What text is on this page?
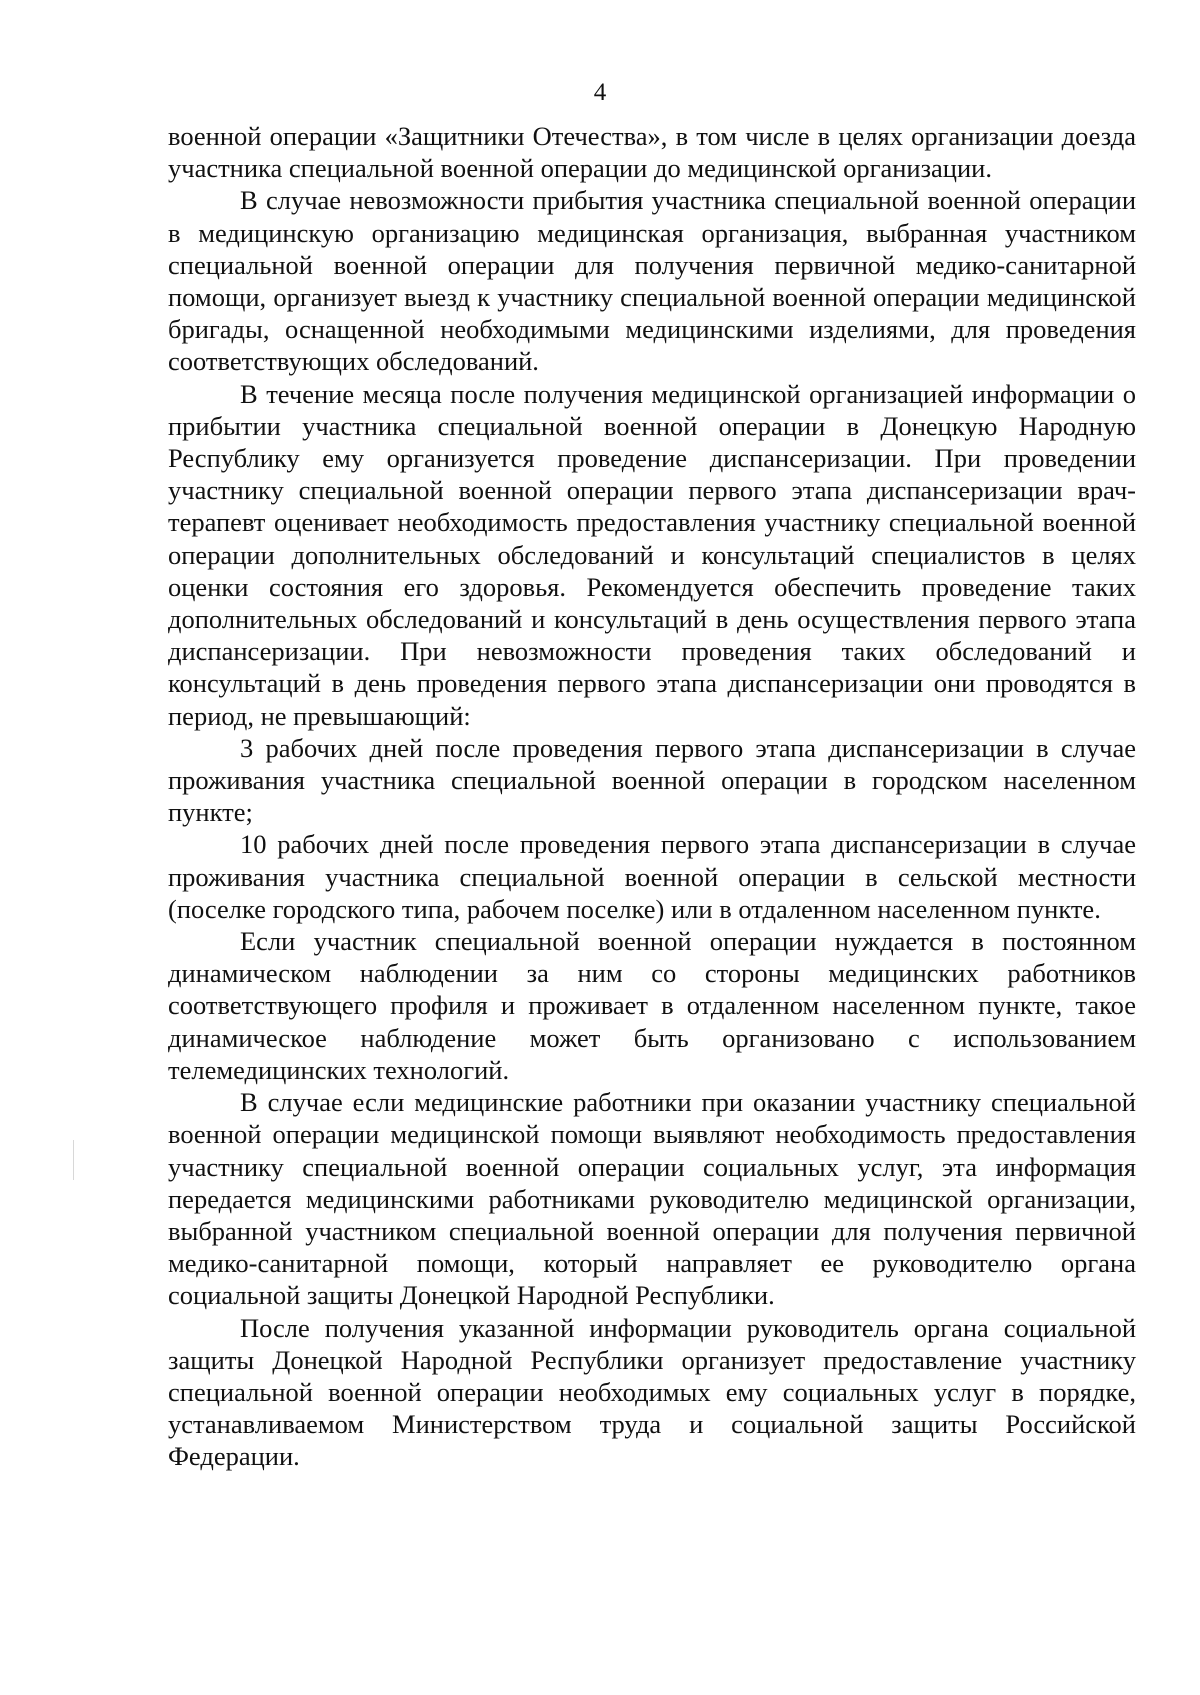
4

военной операции «Защитники Отечества», в том числе в целях организации доезда участника специальной военной операции до медицинской организации.

В случае невозможности прибытия участника специальной военной операции в медицинскую организацию медицинская организация, выбранная участником специальной военной операции для получения первичной медико-санитарной помощи, организует выезд к участнику специальной военной операции медицинской бригады, оснащенной необходимыми медицинскими изделиями, для проведения соответствующих обследований.

В течение месяца после получения медицинской организацией информации о прибытии участника специальной военной операции в Донецкую Народную Республику ему организуется проведение диспансеризации. При проведении участнику специальной военной операции первого этапа диспансеризации врач-терапевт оценивает необходимость предоставления участнику специальной военной операции дополнительных обследований и консультаций специалистов в целях оценки состояния его здоровья. Рекомендуется обеспечить проведение таких дополнительных обследований и консультаций в день осуществления первого этапа диспансеризации. При невозможности проведения таких обследований и консультаций в день проведения первого этапа диспансеризации они проводятся в период, не превышающий:

3 рабочих дней после проведения первого этапа диспансеризации в случае проживания участника специальной военной операции в городском населенном пункте;

10 рабочих дней после проведения первого этапа диспансеризации в случае проживания участника специальной военной операции в сельской местности (поселке городского типа, рабочем поселке) или в отдаленном населенном пункте.

Если участник специальной военной операции нуждается в постоянном динамическом наблюдении за ним со стороны медицинских работников соответствующего профиля и проживает в отдаленном населенном пункте, такое динамическое наблюдение может быть организовано с использованием телемедицинских технологий.

В случае если медицинские работники при оказании участнику специальной военной операции медицинской помощи выявляют необходимость предоставления участнику специальной военной операции социальных услуг, эта информация передается медицинскими работниками руководителю медицинской организации, выбранной участником специальной военной операции для получения первичной медико-санитарной помощи, который направляет ее руководителю органа социальной защиты Донецкой Народной Республики.

После получения указанной информации руководитель органа социальной защиты Донецкой Народной Республики организует предоставление участнику специальной военной операции необходимых ему социальных услуг в порядке, устанавливаемом Министерством труда и социальной защиты Российской Федерации.
